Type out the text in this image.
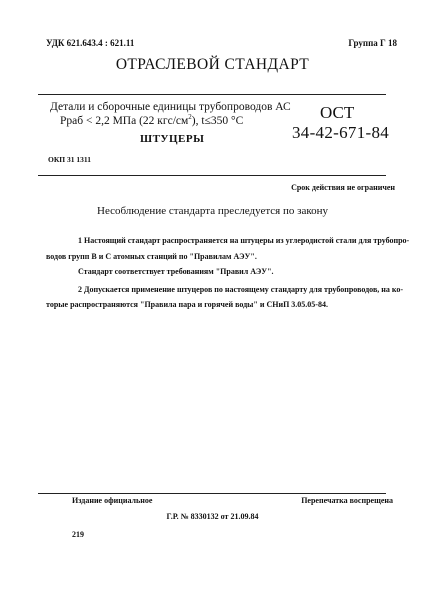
УДК 621.643.4 : 621.11	Группа Г 18
ОТРАСЛЕВОЙ СТАНДАРТ
Детали и сборочные единицы трубопроводов АС
Рраб < 2,2 МПа (22 кгс/$см^2$), t≤350 °С
ШТУЦЕРЫ
ОКП 31 1311
ОСТ
34-42-671-84
Срок действия не ограничен
Несоблюдение стандарта преследуется по закону
1 Настоящий стандарт распространяется на штуцеры из углеродистой стали для трубопро-
водов групп В и С атомных станций по "Правилам АЭУ".
Стандарт соответствует требованиям "Правил АЭУ".
2 Допускается применение штуцеров по настоящему стандарту для трубопроводов, на ко-
торые распространяются "Правила пара и горячей воды" и СНиП 3.05.05-84.
Издание официальное	Перепечатка воспрещена
Г.Р. № 8330132 от 21.09.84
219
